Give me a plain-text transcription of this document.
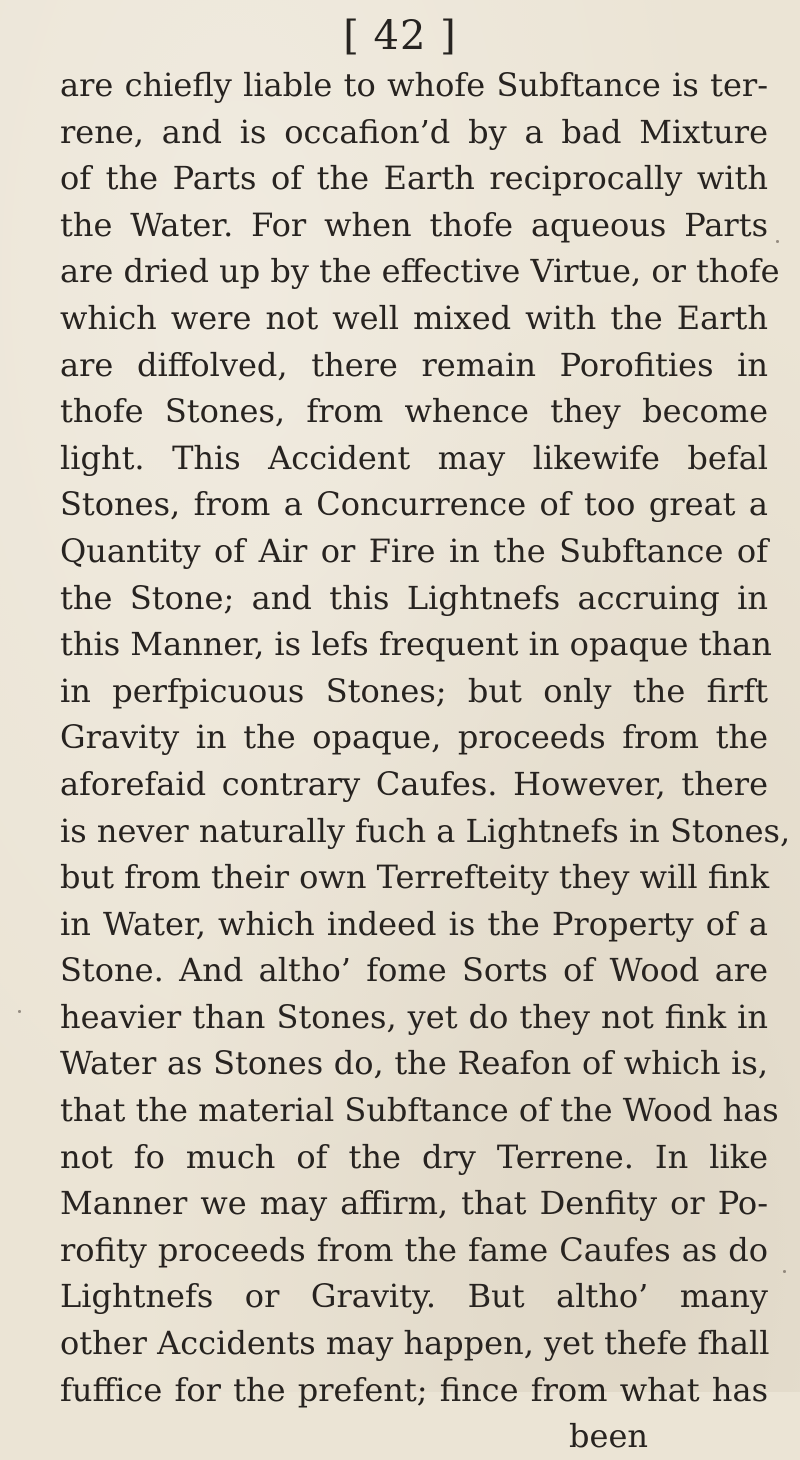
[ 42 ]
are chiefly liable to whofe Subftance is ter-
rene, and is occafion’d by a bad Mixture
of the Parts of the Earth reciprocally with
the Water. For when thofe aqueous Parts
are dried up by the effective Virtue, or thofe
which were not well mixed with the Earth
are diffolved, there remain Porofities in
thofe Stones, from whence they become
light. This Accident may likewife befal
Stones, from a Concurrence of too great a
Quantity of Air or Fire in the Subftance of
the Stone; and this Lightnefs accruing in
this Manner, is lefs frequent in opaque than
in perfpicuous Stones; but only the firft
Gravity in the opaque, proceeds from the
aforefaid contrary Caufes. However, there
is never naturally fuch a Lightnefs in Stones,
but from their own Terrefteity they will fink
in Water, which indeed is the Property of a
Stone. And altho’ fome Sorts of Wood are
heavier than Stones, yet do they not fink in
Water as Stones do, the Reafon of which is,
that the material Subftance of the Wood has
not fo much of the dry Terrene. In like
Manner we may affirm, that Denfity or Po-
rofity proceeds from the fame Caufes as do
Lightnefs or Gravity. But altho’ many
other Accidents may happen, yet thefe fhall
fuffice for the prefent; fince from what has
been
